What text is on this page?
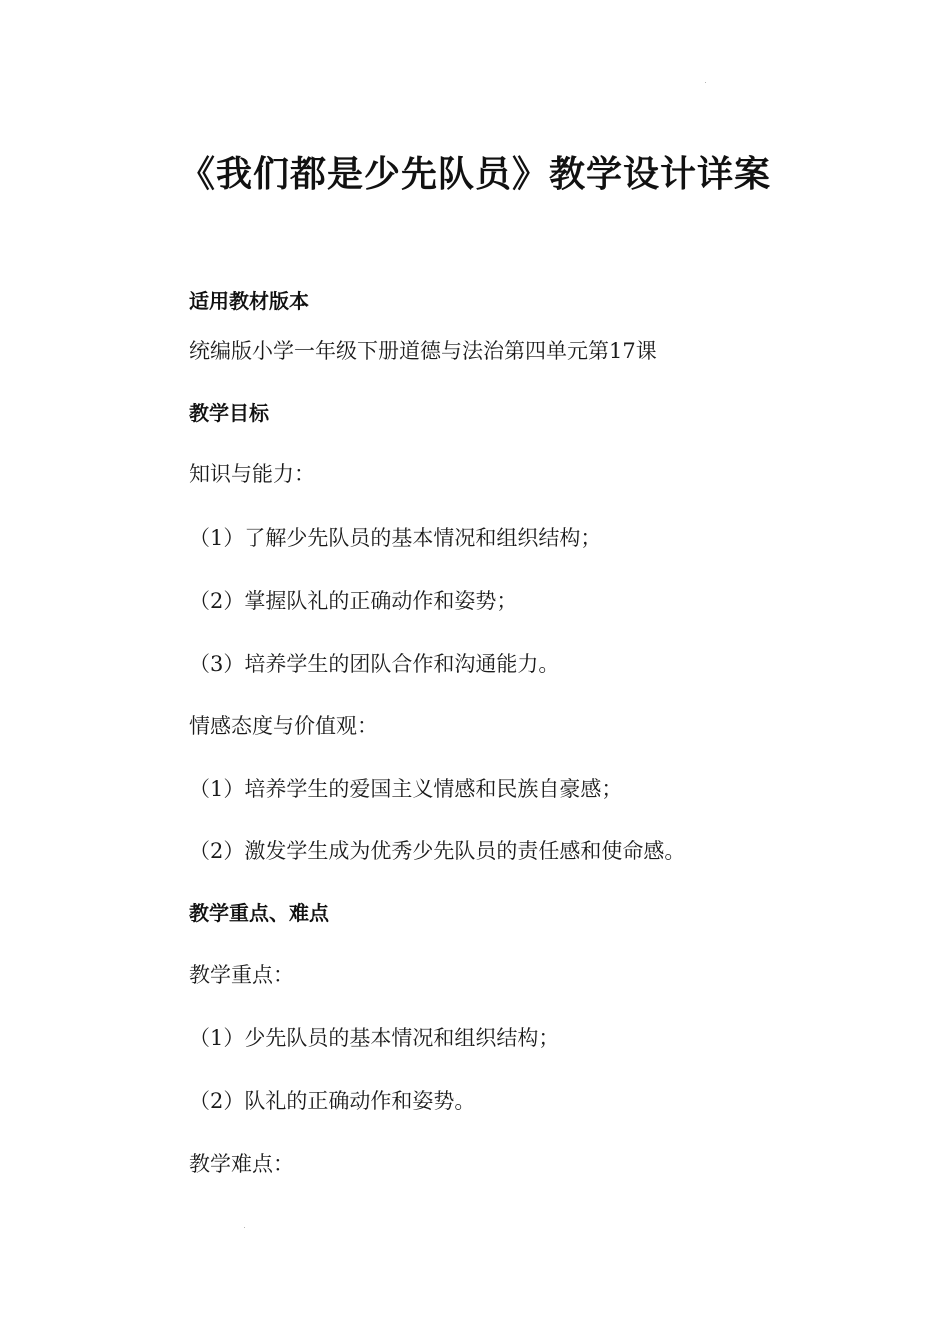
《我们都是少先队员》教学设计详案
适用教材版本
统编版小学一年级下册道德与法治第四单元第17课
教学目标
知识与能力：
（1）了解少先队员的基本情况和组织结构；
（2）掌握队礼的正确动作和姿势；
（3）培养学生的团队合作和沟通能力。
情感态度与价值观：
（1）培养学生的爱国主义情感和民族自豪感；
（2）激发学生成为优秀少先队员的责任感和使命感。
教学重点、难点
教学重点：
（1）少先队员的基本情况和组织结构；
（2）队礼的正确动作和姿势。
教学难点：
